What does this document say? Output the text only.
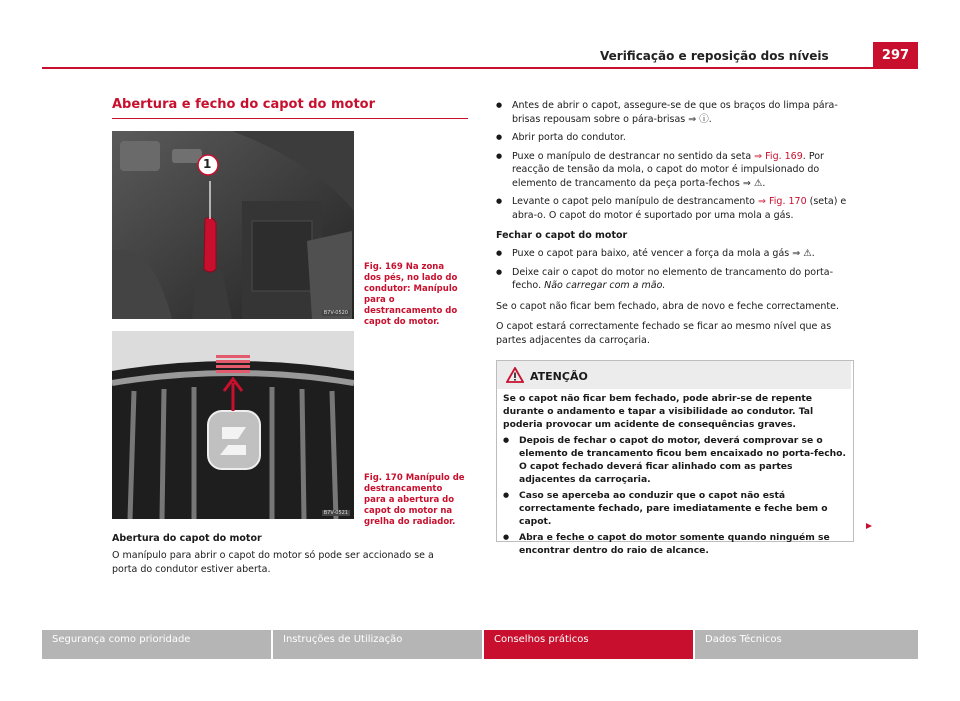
Verificação e reposição dos níveis	297
Abertura e fecho do capot do motor
1
B7V-0520
Fig. 169 Na zona dos pés, no lado do condutor: Manípulo para o destrancamento do capot do motor.
B7V-0521
Fig. 170 Manípulo de destrancamento para a abertura do capot do motor na grelha do radiador.
Abertura do capot do motor
O manípulo para abrir o capot do motor só pode ser accionado se a porta do condutor estiver aberta.
● Antes de abrir o capot, assegure-se de que os braços do limpa pára-brisas repousam sobre o pára-brisas ⇒ ⓘ.
● Abrir porta do condutor.
● Puxe o manípulo de destrancar no sentido da seta ⇒ Fig. 169. Por reacção de tensão da mola, o capot do motor é impulsionado do elemento de trancamento da peça porta-fechos ⇒ ⚠.
● Levante o capot pelo manípulo de destrancamento ⇒ Fig. 170 (seta) e abra-o. O capot do motor é suportado por uma mola a gás.
Fechar o capot do motor
● Puxe o capot para baixo, até vencer a força da mola a gás ⇒ ⚠.
● Deixe cair o capot do motor no elemento de trancamento do porta-fecho. Não carregar com a mão.
Se o capot não ficar bem fechado, abra de novo e feche correctamente.
O capot estará correctamente fechado se ficar ao mesmo nível que as partes adjacentes da carroçaria.
ATENÇÃO
Se o capot não ficar bem fechado, pode abrir-se de repente durante o andamento e tapar a visibilidade ao condutor. Tal poderia provocar um acidente de consequências graves.
● Depois de fechar o capot do motor, deverá comprovar se o elemento de trancamento ficou bem encaixado no porta-fecho. O capot fechado deverá ficar alinhado com as partes adjacentes da carroçaria.
● Caso se aperceba ao conduzir que o capot não está correctamente fechado, pare imediatamente e feche bem o capot.
● Abra e feche o capot do motor somente quando ninguém se encontrar dentro do raio de alcance.
Segurança como prioridade	Instruções de Utilização	Conselhos práticos	Dados Técnicos
